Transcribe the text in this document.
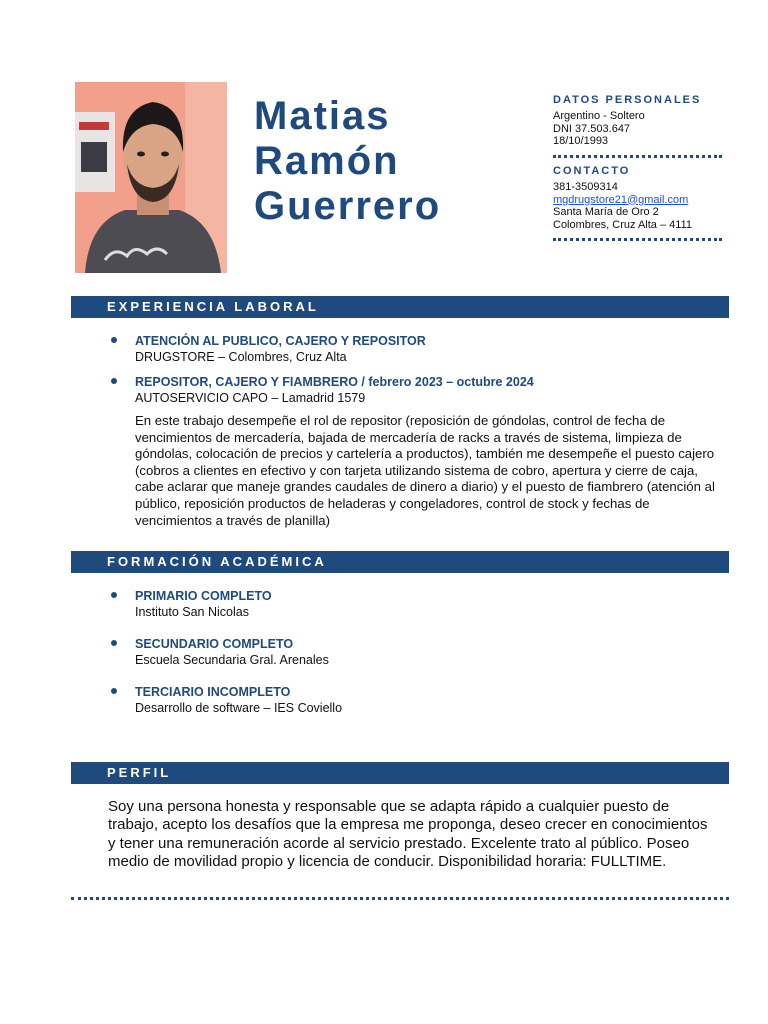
Matias
Ramón
Guerrero
DATOS PERSONALES
Argentino - Soltero
DNI 37.503.647
18/10/1993
CONTACTO
381-3509314
mgdrugstore21@gmail.com
Santa María de Oro 2
Colombres, Cruz Alta – 4111
EXPERIENCIA LABORAL
ATENCIÓN AL PUBLICO, CAJERO Y REPOSITOR
DRUGSTORE – Colombres, Cruz Alta
REPOSITOR, CAJERO Y FIAMBRERO / febrero 2023 – octubre 2024
AUTOSERVICIO CAPO – Lamadrid 1579
En este trabajo desempeñe el rol de repositor (reposición de góndolas, control de fecha de vencimientos de mercadería, bajada de mercadería de racks a través de sistema, limpieza de góndolas, colocación de precios y cartelería a productos), también me desempeñe el puesto cajero (cobros a clientes en efectivo y con tarjeta utilizando sistema de cobro, apertura y cierre de caja, cabe aclarar que maneje grandes caudales de dinero a diario) y el puesto de fiambrero (atención al público, reposición productos de heladeras y congeladores, control de stock y fechas de vencimientos a través de planilla)
FORMACIÓN ACADÉMICA
PRIMARIO COMPLETO
Instituto San Nicolas
SECUNDARIO COMPLETO
Escuela Secundaria Gral. Arenales
TERCIARIO INCOMPLETO
Desarrollo de software – IES Coviello
PERFIL
Soy una persona honesta y responsable que se adapta rápido a cualquier puesto de trabajo, acepto los desafíos que la empresa me proponga, deseo crecer en conocimientos y tener una remuneración acorde al servicio prestado. Excelente trato al público. Poseo medio de movilidad propio y licencia de conducir. Disponibilidad horaria: FULLTIME.
